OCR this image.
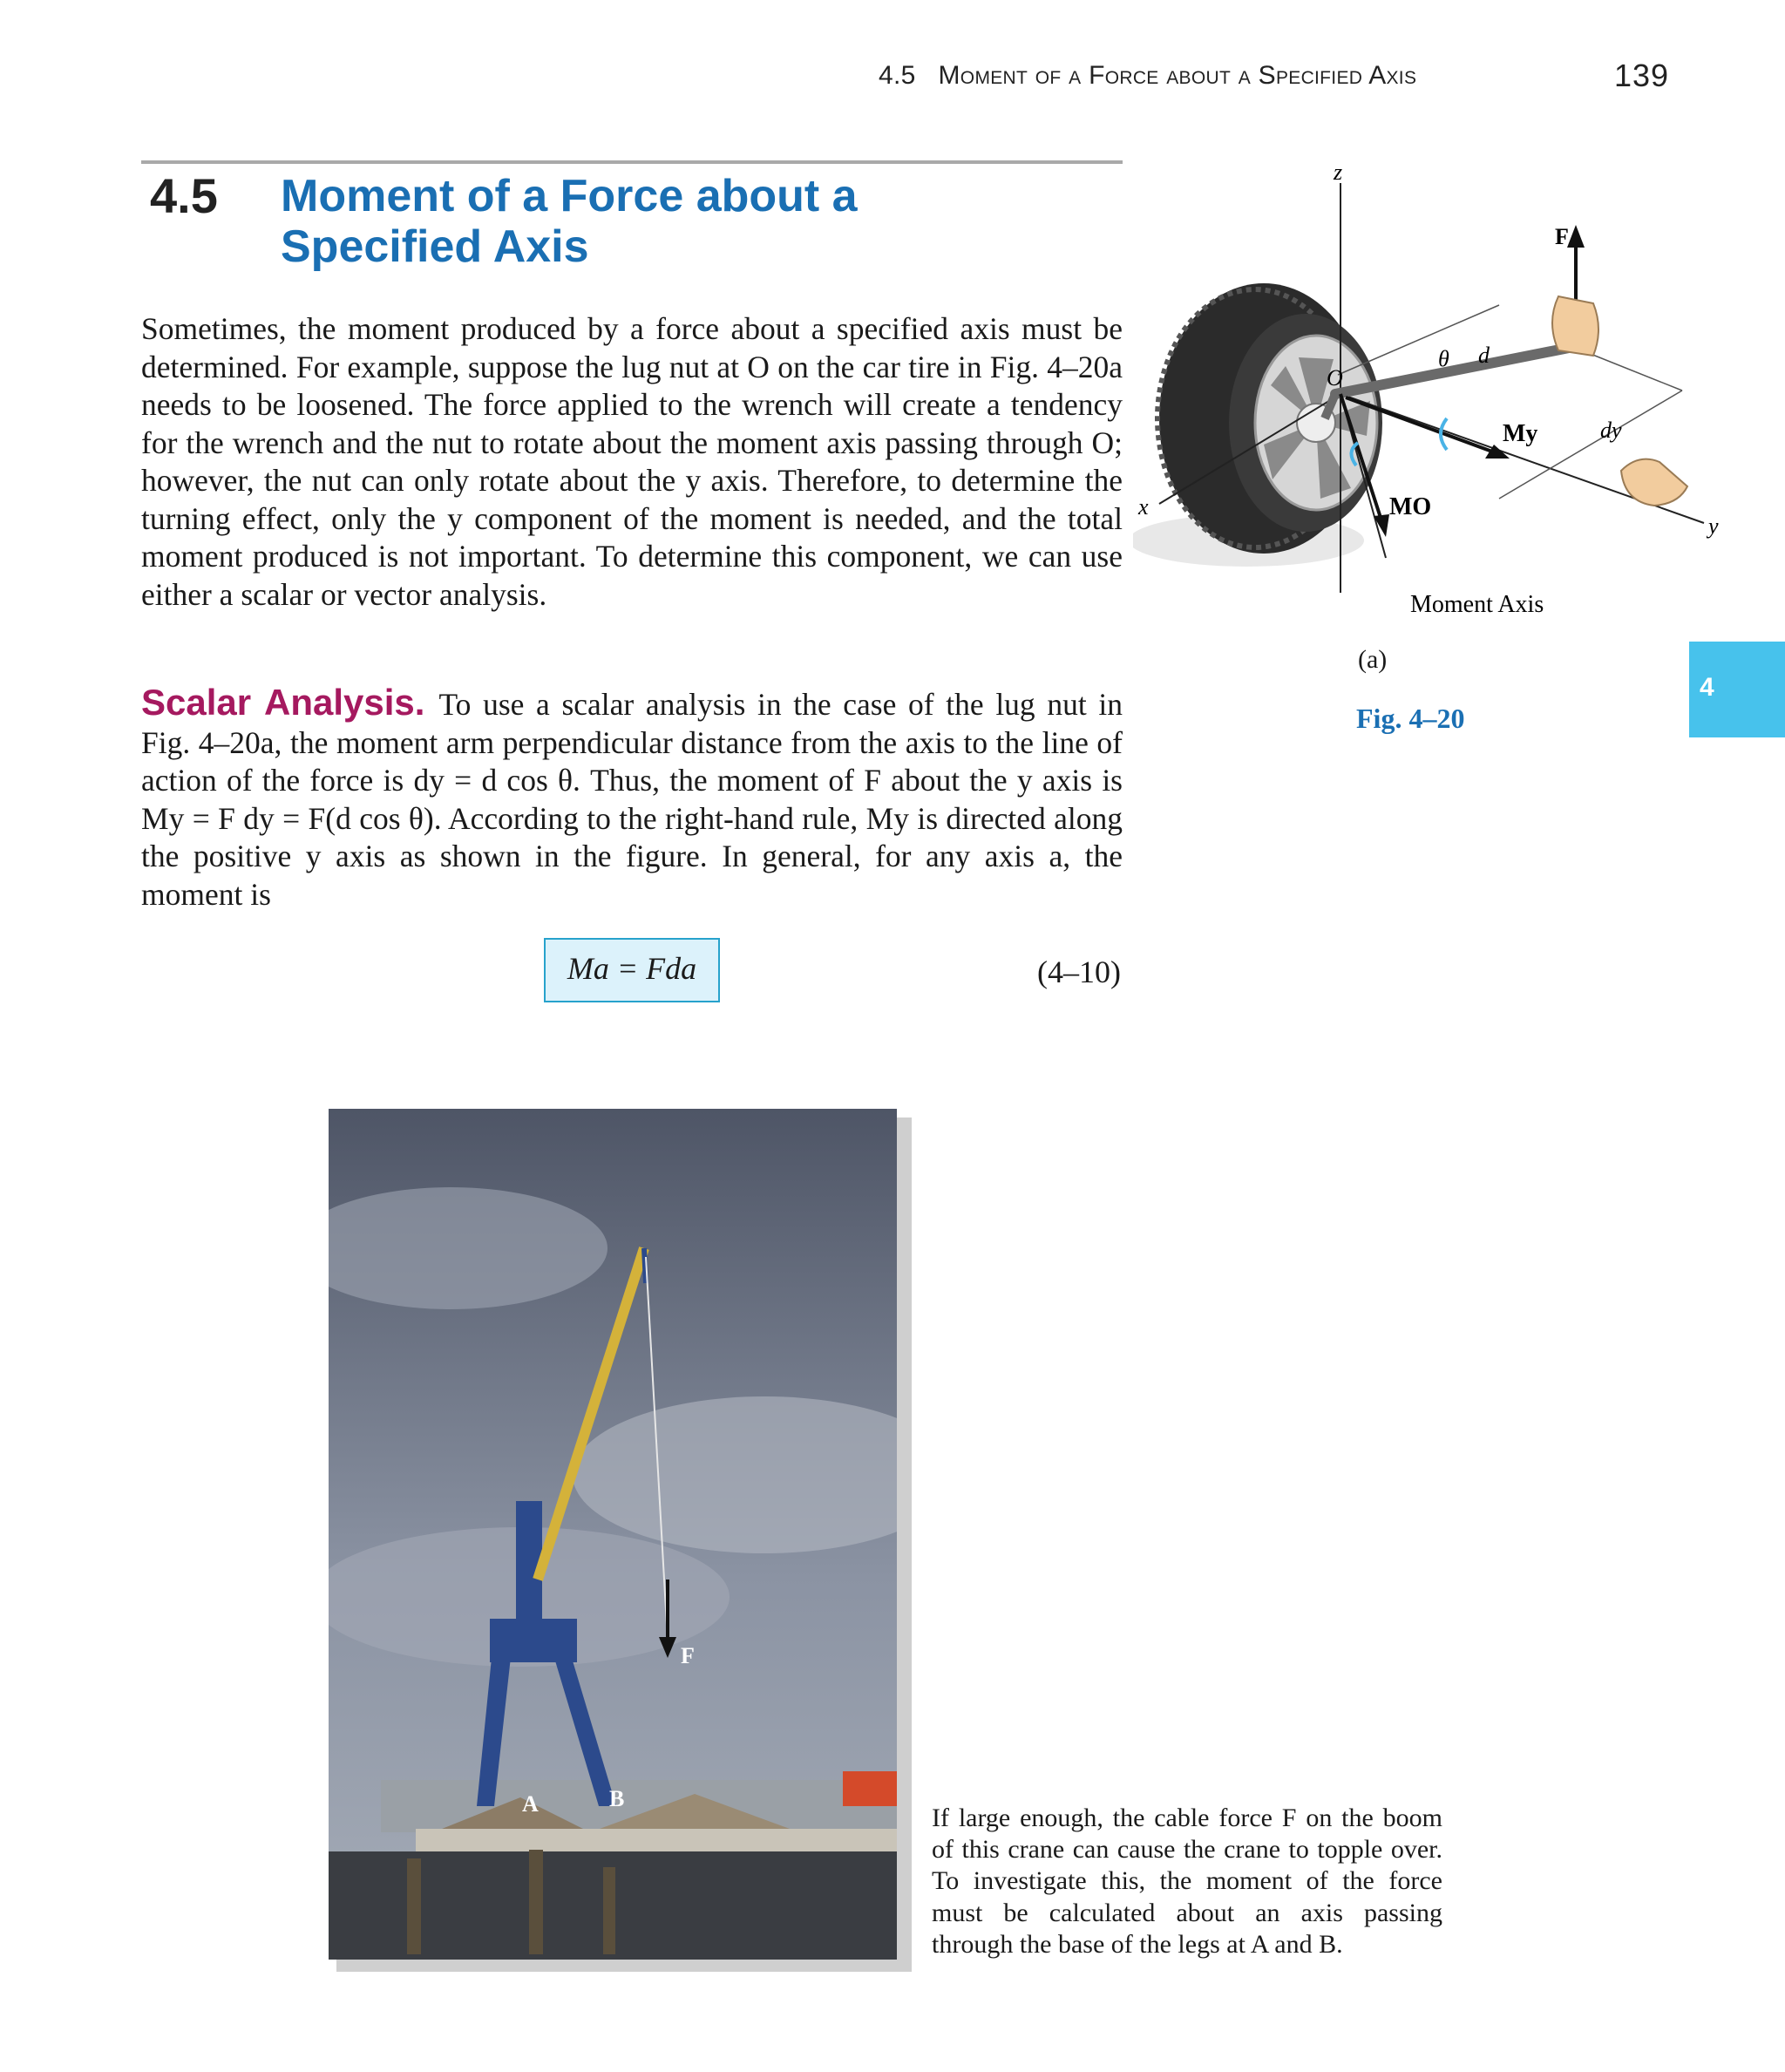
4.5 Moment of a Force about a Specified Axis	139
4
4.5 Moment of a Force about a
Specified Axis
Sometimes, the moment produced by a force about a specified axis must be determined. For example, suppose the lug nut at O on the car tire in Fig. 4–20a needs to be loosened. The force applied to the wrench will create a tendency for the wrench and the nut to rotate about the moment axis passing through O; however, the nut can only rotate about the y axis. Therefore, to determine the turning effect, only the y component of the moment is needed, and the total moment produced is not important. To determine this component, we can use either a scalar or vector analysis.
Scalar Analysis. To use a scalar analysis in the case of the lug nut in Fig. 4–20a, the moment arm perpendicular distance from the axis to the line of action of the force is dy = d cos θ. Thus, the moment of F about the y axis is My = F dy = F(d cos θ). According to the right-hand rule, My is directed along the positive y axis as shown in the figure. In general, for any axis a, the moment is
Ma = Fda	(4–10)
z
x
y
Moment Axis
θ d
dy
O
My
MO
F
(a)
Fig. 4–20
F
A	B
If large enough, the cable force F on the boom of this crane can cause the crane to topple over. To investigate this, the moment of the force must be calculated about an axis passing through the base of the legs at A and B.
